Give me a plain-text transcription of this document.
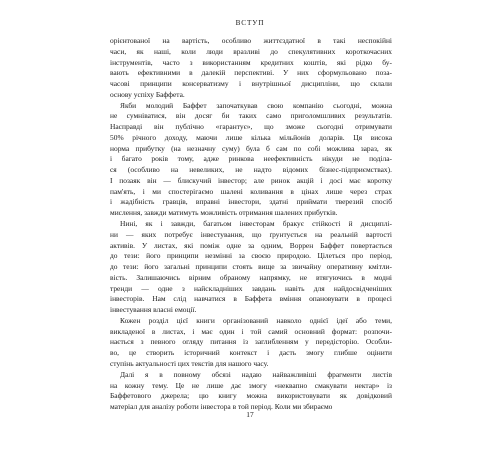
ВСТУП
орієнтованої на вартість, особливо життєздатної в такі неспокійні
часи, як наші, коли люди вразливі до спекулятивних короткочасних
інструментів, часто з використанням кредитних коштів, які рідко бу-
вають ефективними в далекій перспективі. У них сформульовано поза-
часові принципи консерватизму і внутрішньої дисципліни, що склали
основу успіху Баффета.
Якби молодий Баффет започаткував свою компанію сьогодні, можна
не сумніватися, він досяг би таких само приголомшливих результатів.
Насправді він публічно «гарантує», що зможе сьогодні отримувати
50% річного доходу, маючи лише кілька мільйонів доларів. Ця висока
норма прибутку (на незначну суму) була б сам по собі можлива зараз, як
і багато років тому, адже ринкова неефективність нікуди не поділа-
ся (особливо на невеликих, не надто відомих бізнес-підприємствах).
І позаяк він — блискучий інвестор; але ринок акцій і досі має коротку
пам'ять, і ми спостерігаємо шалені коливання в цінах лише через страх
і жадібність гравців, вправні інвестори, здатні приймати тверезий спосіб
мислення, завжди матимуть можливість отримання шалених прибутків.
Нині, як і завжди, багатьом інвесторам бракує стійкості й дисциплі-
ни — яких потребує інвестування, що ґрунтується на реальній вартості
активів. У листах, які поміж одне за одним, Воррен Баффет повертається
до тези: його принципи незмінні за своєю природою. Цілеться про період,
до тези: його загальні принципи стоять вище за звичайну оперативну кмітли-
вість. Залишаючись вірним обраному напрямку, не втягуючись в модні
тренди — одне з найскладніших завдань навіть для найдосвідченіших
інвесторів. Нам слід навчатися в Баффета вміння опановувати в процесі
інвестування власні емоції.
Кожен розділ цієї книги організований навколо однієї ідеї або теми,
викладеної в листах, і має один і той самий основний формат: розпочи-
нається з певного огляду питання із заглибленням у передісторію. Особли-
во, це створить історичний контекст і дасть змогу глибше оцінити
ступінь актуальності цих текстів для нашого часу.
Далі я в повному обсязі надаю найважливіші фрагменти листів
на кожну тему. Це не лише дає змогу «неквапно смакувати нектар» із
Баффетового джерела; цю книгу можна використовувати як довідковий
матеріал для аналізу роботи інвестора в той період. Коли ми збираємо
17
